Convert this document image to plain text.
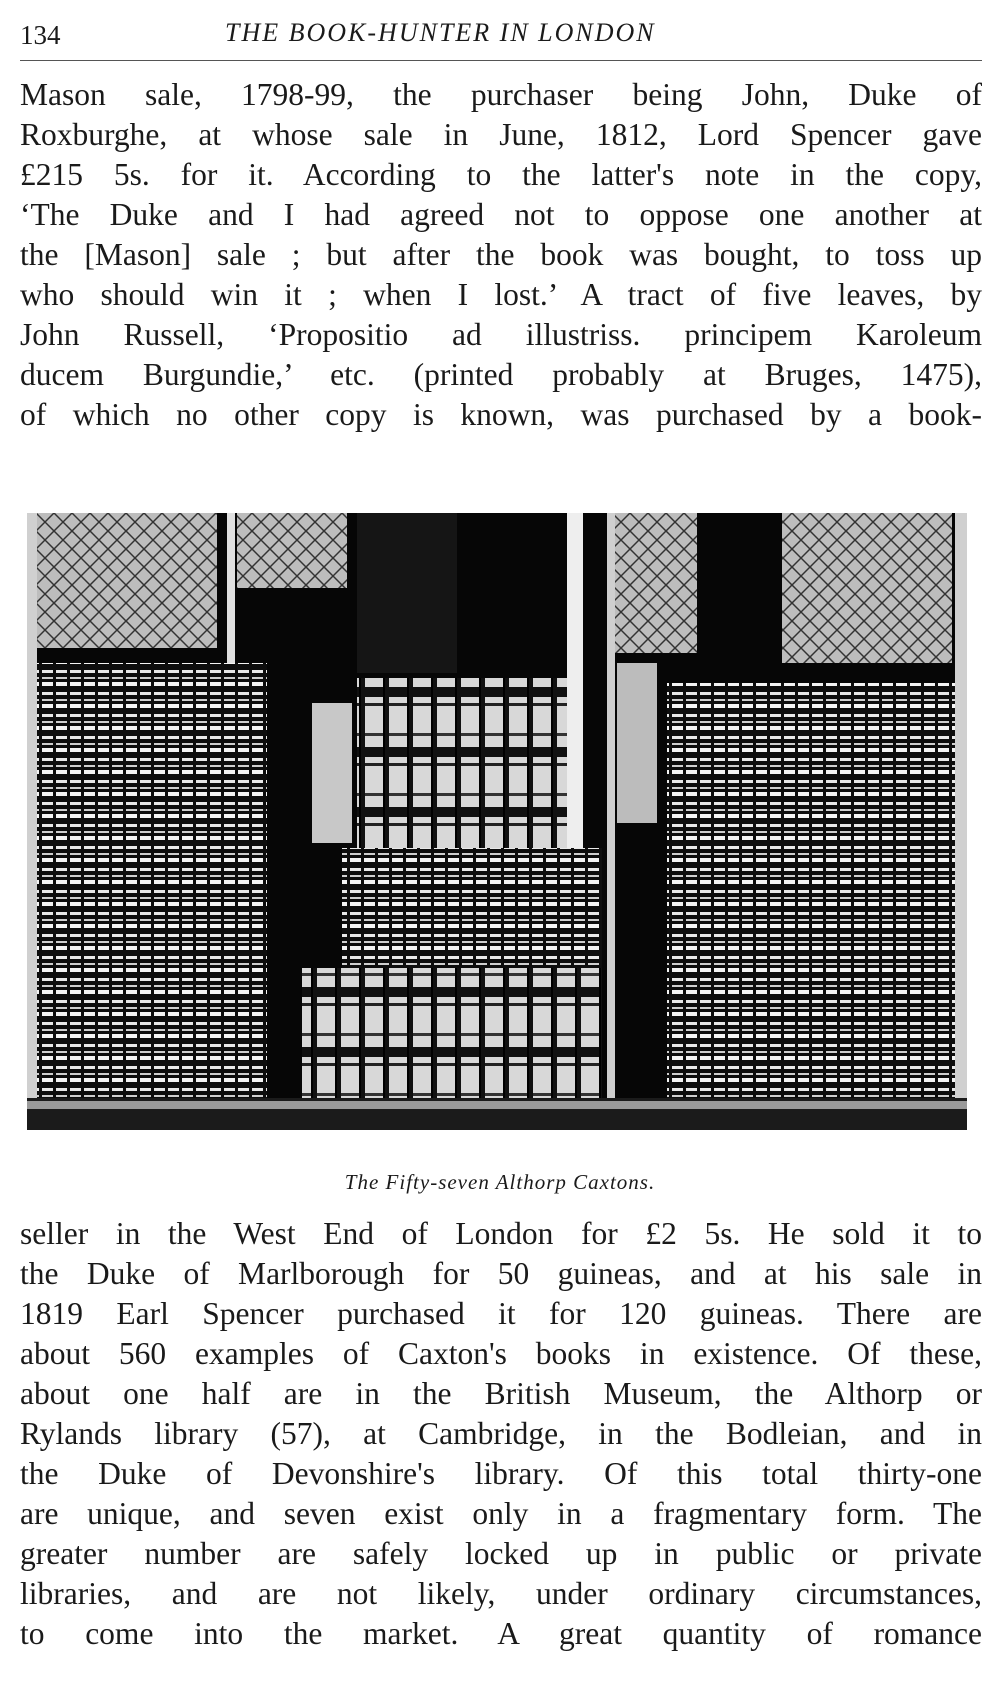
134	THE BOOK-HUNTER IN LONDON
Mason sale, 1798-99, the purchaser being John, Duke of
Roxburghe, at whose sale in June, 1812, Lord Spencer gave
£215 5s. for it. According to the latter's note in the copy,
‘The Duke and I had agreed not to oppose one another at
the [Mason] sale ; but after the book was bought, to toss up
who should win it ; when I lost.’ A tract of five leaves, by
John Russell, ‘Propositio ad illustriss. principem Karoleum
ducem Burgundie,’ etc. (printed probably at Bruges, 1475),
of which no other copy is known, was purchased by a book-
The Fifty-seven Althorp Caxtons.
seller in the West End of London for £2 5s. He sold it to
the Duke of Marlborough for 50 guineas, and at his sale in
1819 Earl Spencer purchased it for 120 guineas. There are
about 560 examples of Caxton's books in existence. Of these,
about one half are in the British Museum, the Althorp or
Rylands library (57), at Cambridge, in the Bodleian, and in
the Duke of Devonshire's library. Of this total thirty-one
are unique, and seven exist only in a fragmentary form. The
greater number are safely locked up in public or private
libraries, and are not likely, under ordinary circumstances,
to come into the market. A great quantity of romance
